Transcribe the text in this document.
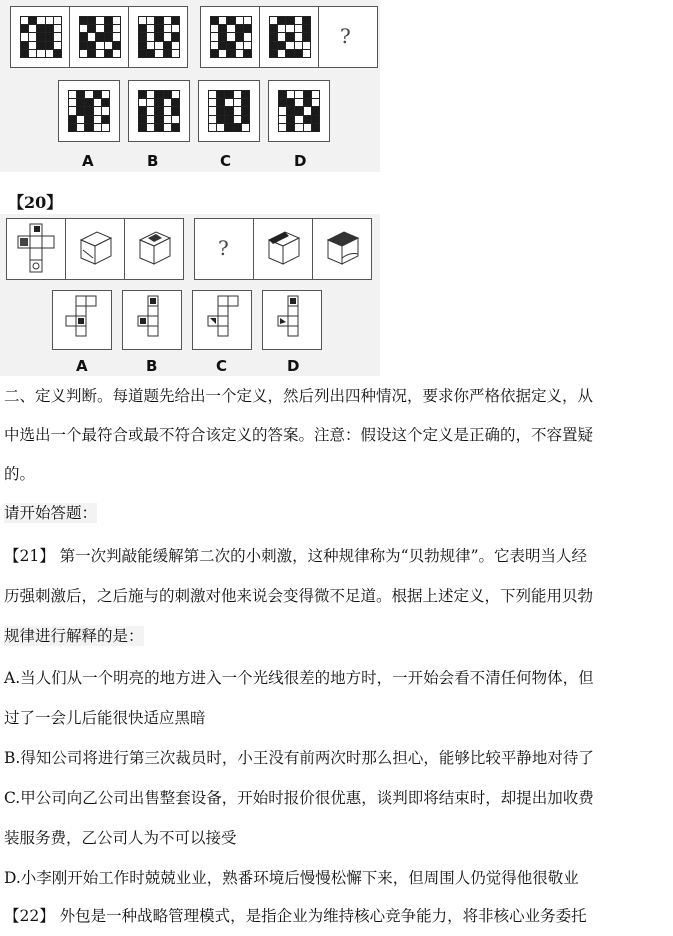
?
A	B	C	D
【20】
?
A	B	C	D
二、定义判断。每道题先给出一个定义，然后列出四种情况，要求你严格依据定义，从
中选出一个最符合或最不符合该定义的答案。注意：假设这个定义是正确的，不容置疑
的。
请开始答题：
【21】 第一次判敲能缓解第二次的小刺激，这种规律称为“贝勃规律”。它表明当人经
历强刺激后，之后施与的刺激对他来说会变得微不足道。根据上述定义，下列能用贝勃
规律进行解释的是：
A.当人们从一个明亮的地方进入一个光线很差的地方时，一开始会看不清任何物体，但
过了一会儿后能很快适应黑暗
B.得知公司将进行第三次裁员时，小王没有前两次时那么担心，能够比较平静地对待了
C.甲公司向乙公司出售整套设备，开始时报价很优惠，谈判即将结束时，却提出加收费
装服务费，乙公司人为不可以接受
D.小李刚开始工作时兢兢业业，熟番环境后慢慢松懈下来，但周围人仍觉得他很敬业
【22】 外包是一种战略管理模式，是指企业为维持核心竞争能力，将非核心业务委托
